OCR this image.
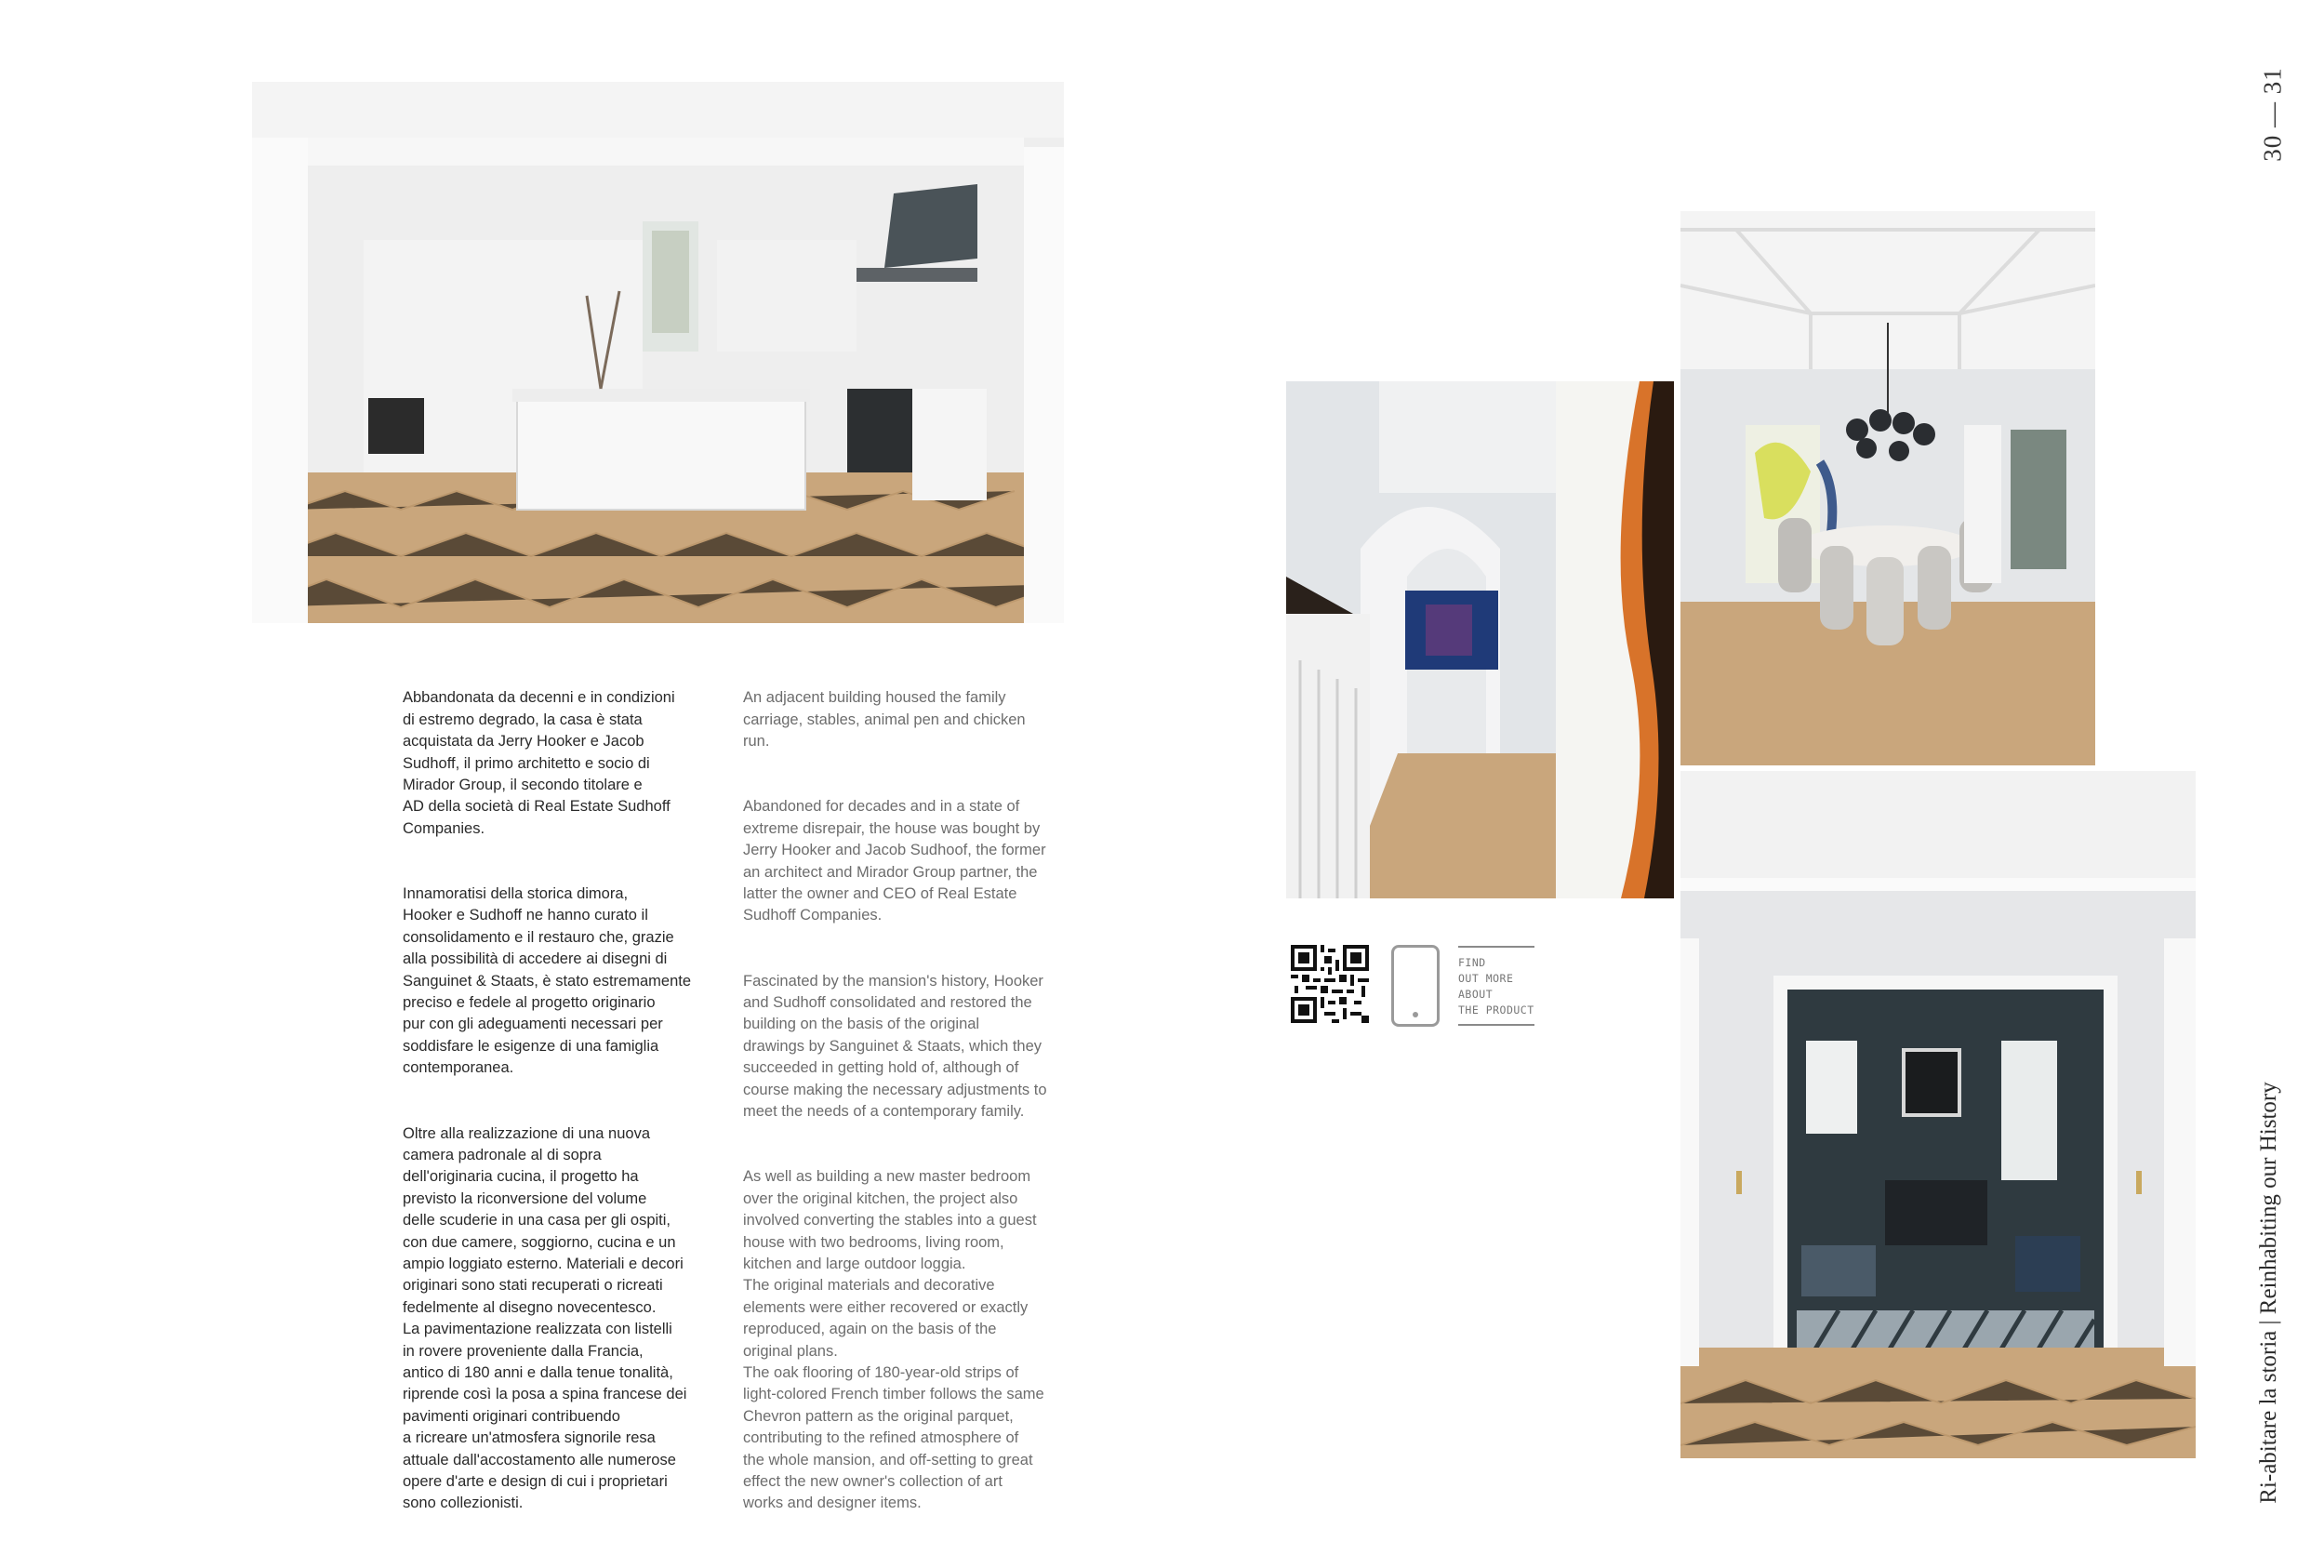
Abbandonata da decenni e in condizioni
di estremo degrado, la casa è stata
acquistata da Jerry Hooker e Jacob
Sudhoff, il primo architetto e socio di
Mirador Group, il secondo titolare e
AD della società di Real Estate Sudhoff
Companies.

Innamoratisi della storica dimora,
Hooker e Sudhoff ne hanno curato il
consolidamento e il restauro che, grazie
alla possibilità di accedere ai disegni di
Sanguinet & Staats, è stato estremamente
preciso e fedele al progetto originario
pur con gli adeguamenti necessari per
soddisfare le esigenze di una famiglia
contemporanea.

Oltre alla realizzazione di una nuova
camera padronale al di sopra
dell'originaria cucina, il progetto ha
previsto la riconversione del volume
delle scuderie in una casa per gli ospiti,
con due camere, soggiorno, cucina e un
ampio loggiato esterno. Materiali e decori
originari sono stati recuperati o ricreati
fedelmente al disegno novecentesco.
La pavimentazione realizzata con listelli
in rovere proveniente dalla Francia,
antico di 180 anni e dalla tenue tonalità,
riprende così la posa a spina francese dei
pavimenti originari contribuendo
a ricreare un'atmosfera signorile resa
attuale dall'accostamento alle numerose
opere d'arte e design di cui i proprietari
sono collezionisti.

An adjacent building housed the family
carriage, stables, animal pen and chicken
run.

Abandoned for decades and in a state of
extreme disrepair, the house was bought by
Jerry Hooker and Jacob Sudhoof, the former
an architect and Mirador Group partner, the
latter the owner and CEO of Real Estate
Sudhoff Companies.

Fascinated by the mansion's history, Hooker
and Sudhoff consolidated and restored the
building on the basis of the original
drawings by Sanguinet & Staats, which they
succeeded in getting hold of, although of
course making the necessary adjustments to
meet the needs of a contemporary family.

As well as building a new master bedroom
over the original kitchen, the project also
involved converting the stables into a guest
house with two bedrooms, living room,
kitchen and large outdoor loggia.
The original materials and decorative
elements were either recovered or exactly
reproduced, again on the basis of the
original plans.
The oak flooring of 180-year-old strips of
light-colored French timber follows the same
Chevron pattern as the original parquet,
contributing to the refined atmosphere of
the whole mansion, and off-setting to great
effect the new owner's collection of art
works and designer items.

FIND
OUT MORE
ABOUT
THE PRODUCT
30 — 31
Ri-abitare la storia | Reinhabiting our History
